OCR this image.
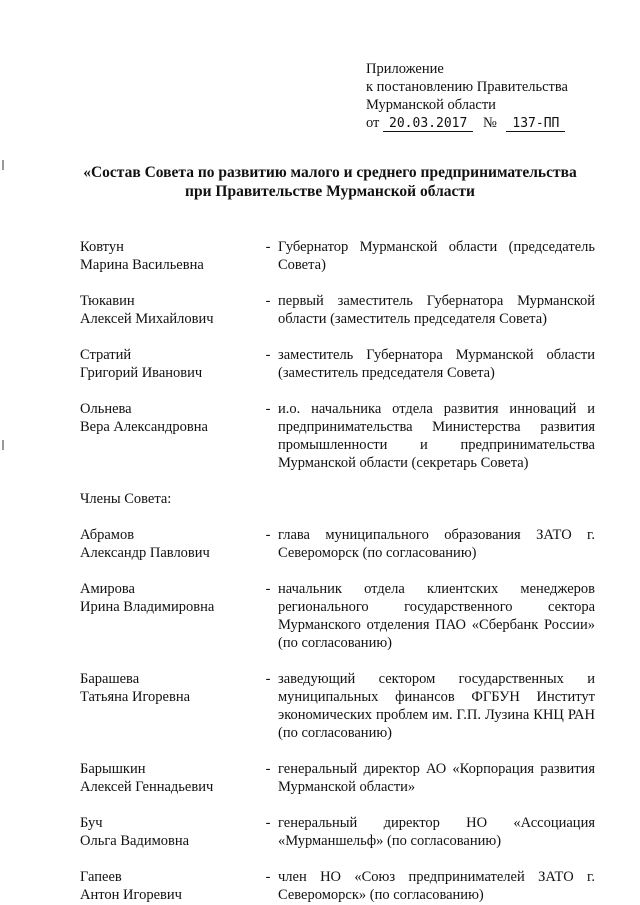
Приложение
к постановлению Правительства
Мурманской области
от 20.03.2017 № 137-ПП
«Состав Совета по развитию малого и среднего предпринимательства
при Правительстве Мурманской области
Ковтун
Марина Васильевна
- Губернатор Мурманской области (председатель Совета)
Тюкавин
Алексей Михайлович
- первый заместитель Губернатора Мурманской области (заместитель председателя Совета)
Стратий
Григорий Иванович
- заместитель Губернатора Мурманской области (заместитель председателя Совета)
Ольнева
Вера Александровна
- и.о. начальника отдела развития инноваций и предпринимательства Министерства развития промышленности и предпринимательства Мурманской области (секретарь Совета)
Члены Совета:
Абрамов
Александр Павлович
- глава муниципального образования ЗАТО г. Североморск (по согласованию)
Амирова
Ирина Владимировна
- начальник отдела клиентских менеджеров регионального государственного сектора Мурманского отделения ПАО «Сбербанк России» (по согласованию)
Барашева
Татьяна Игоревна
- заведующий сектором государственных и муниципальных финансов ФГБУН Институт экономических проблем им. Г.П. Лузина КНЦ РАН (по согласованию)
Барышкин
Алексей Геннадьевич
- генеральный директор АО «Корпорация развития Мурманской области»
Буч
Ольга Вадимовна
- генеральный директор НО «Ассоциация «Мурманшельф» (по согласованию)
Гапеев
Антон Игоревич
- член НО «Союз предпринимателей ЗАТО г. Североморск» (по согласованию)
